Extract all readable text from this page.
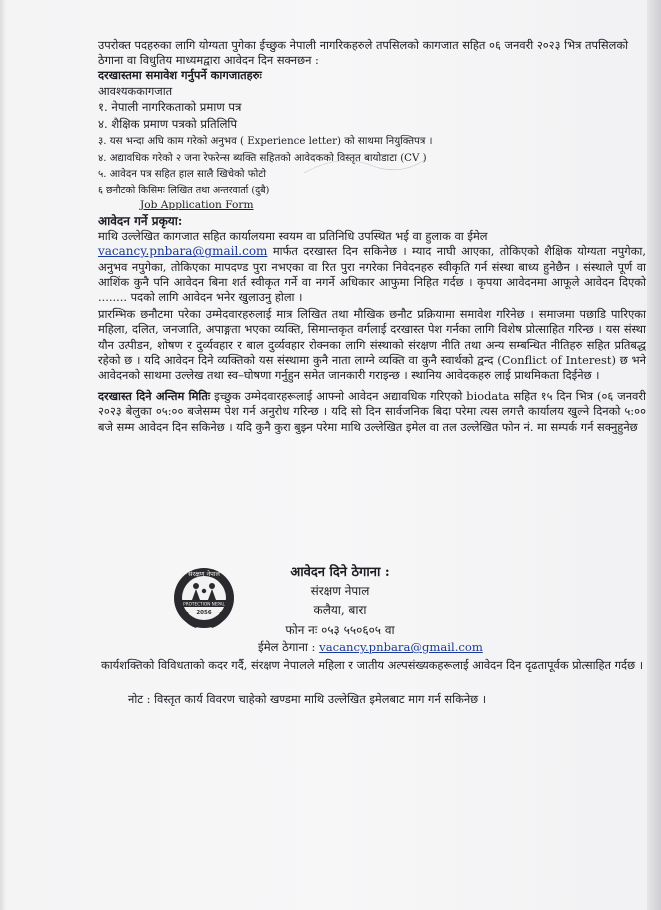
उपरोक्त पदहरुका लागि योग्यता पुगेका ईच्छुक नेपाली नागरिकहरुले तपसिलको कागजात सहित ०६ जनवरी २०२३ भित्र तपसिलको ठेगाना वा विधुतिय माध्यमद्वारा आवेदन दिन सक्नछन :

दरखास्तमा समावेश गर्नुपर्ने कागजातहरुः

आवश्यककागजात

१. नेपाली नागरिकताको प्रमाण पत्र

४. शैक्षिक प्रमाण पत्रको प्रतिलिपि

३. यस भन्दा अघि काम गरेको अनुभव ( Experience letter) को साथमा नियुक्तिपत्र ।

४. अद्यावधिक गरेको २ जना रेफरेन्स ब्यक्ति सहितको आवेदकको विस्तृत बायोडाटा (CV )

५. आवेदन पत्र सहित हाल सालै खिचेको फोटो

६ छनौटको किसिमः लिखित तथा अन्तरवार्ता (दुबै)

Job Application Form

आवेदन गर्ने प्रकृया:

माथि उल्लेखित कागजात सहित कार्यालयमा स्वयम वा प्रतिनिधि उपस्थित भई वा हुलाक वा ईमेल
vacancy.pnbara@gmail.com मार्फत दरखास्त दिन सकिनेछ । म्याद नाघी आएका, तोकिएको शैक्षिक योग्यता नपुगेका, अनुभव नपुगेका, तोकिएका मापदण्ड पुरा नभएका वा रित पुरा नगरेका निवेदनहरु स्वीकृति गर्न संस्था बाध्य हुनेछैन । संस्थाले पूर्ण वा आशिंक कुनै पनि आवेदन बिना शर्त स्वीकृत गर्ने वा नगर्ने अधिकार आफुमा निहित गर्दछ । कृपया आवेदनमा आफूले आवेदन दिएको ........ पदको लागि आवेदन भनेर खुलाउनु होला ।

प्रारम्भिक छनौटमा परेका उम्मेदवारहरुलाई मात्र लिखित तथा मौखिक छनौट प्रक्रियामा समावेश गरिनेछ । समाजमा पछाडि पारिएका महिला, दलित, जनजाति, अपाङ्गता भएका व्यक्ति, सिमान्तकृत वर्गलाई दरखास्त पेश गर्नका लागि विशेष प्रोत्साहित गरिन्छ । यस संस्था यौन उत्पीडन, शोषण र दुर्व्यवहार र बाल दुर्व्यवहार रोक्नका लागि संस्थाको संरक्षण नीति तथा अन्य सम्बन्धित नीतिहरु सहित प्रतिबद्ध रहेको छ । यदि आवेदन दिने व्यक्तिको यस संस्थामा कुनै नाता लाग्ने व्यक्ति वा कुनै स्वार्थको द्वन्द (Conflict of Interest) छ भने आवेदनको साथमा उल्लेख तथा स्व–घोषणा गर्नुहुन समेत जानकारी गराइन्छ । स्थानिय आवेदकहरु लाई प्राथमिकता दिईनेछ ।

दरखास्त दिने अन्तिम मितिः इच्छुक उम्मेदवारहरूलाई आफ्नो आवेदन अद्यावधिक गरिएको biodata सहित १५ दिन भित्र (०६ जनवरी २०२३ बेलुका ०५:०० बजेसम्म पेश गर्न अनुरोध गरिन्छ । यदि सो दिन सार्वजनिक बिदा परेमा त्यस लगत्तै कार्यालय खुल्ने दिनको ५:०० बजे सम्म आवेदन दिन सकिनेछ । यदि कुनै कुरा बुझ्न परेमा माथि उल्लेखित इमेल वा तल उल्लेखित फोन नं. मा सम्पर्क गर्न सक्नुहुनेछ

आवेदन दिने ठेगाना :
संरक्षण नेपाल
कलैया, बारा
फोन नः ०५३ ५५०६०५ वा
ईमेल ठेगाना : vacancy.pnbara@gmail.com
कार्यशक्तिको विविधताको कदर गर्दै, संरक्षण नेपालले महिला र जातीय अल्पसंख्यकहरूलाई आवेदन दिन दृढतापूर्वक प्रोत्साहित गर्दछ ।
नोट : विस्तृत कार्य विवरण चाहेको खण्डमा माथि उल्लेखित इमेलबाट माग गर्न सकिनेछ ।
संरक्षण नेपाल
PROTECTION NEPAL
2056
